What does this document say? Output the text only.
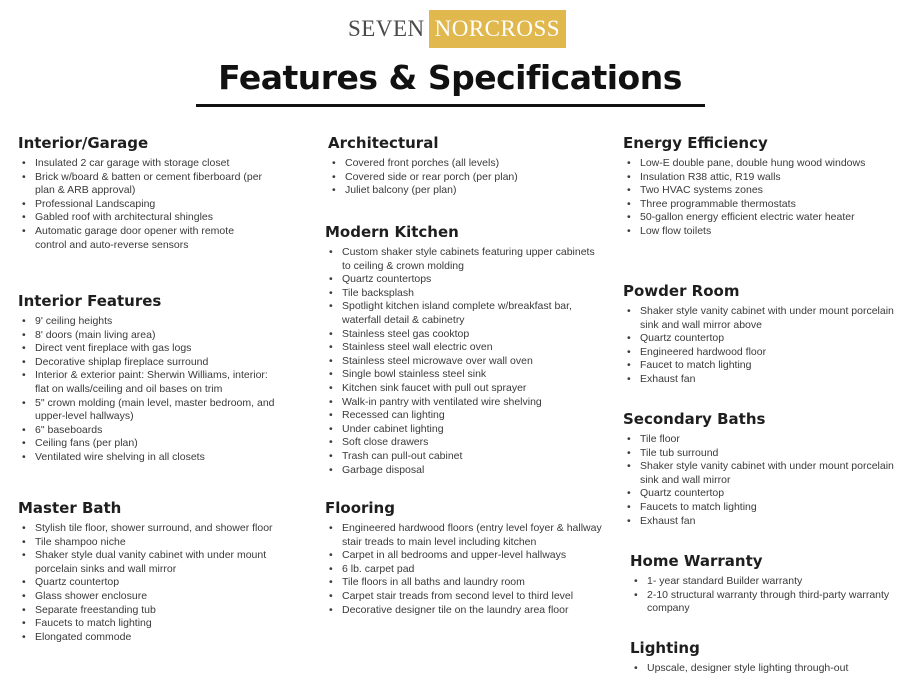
SEVEN NORCROSS
Features & Specifications
Interior/Garage
• Insulated 2 car garage with storage closet
• Brick w/board & batten or cement fiberboard (per plan & ARB approval)
• Professional Landscaping
• Gabled roof with architectural shingles
• Automatic garage door opener with remote control and auto-reverse sensors
Interior Features
• 9' ceiling heights
• 8' doors (main living area)
• Direct vent fireplace with gas logs
• Decorative shiplap fireplace surround
• Interior & exterior paint: Sherwin Williams, interior: flat on walls/ceiling and oil bases on trim
• 5" crown molding (main level, master bedroom, and upper-level hallways)
• 6" baseboards
• Ceiling fans (per plan)
• Ventilated wire shelving in all closets
Master Bath
• Stylish tile floor, shower surround, and shower floor
• Tile shampoo niche
• Shaker style dual vanity cabinet with under mount porcelain sinks and wall mirror
• Quartz countertop
• Glass shower enclosure
• Separate freestanding tub
• Faucets to match lighting
• Elongated commode
Architectural
• Covered front porches (all levels)
• Covered side or rear porch (per plan)
• Juliet balcony (per plan)
Modern Kitchen
• Custom shaker style cabinets featuring upper cabinets to ceiling & crown molding
• Quartz countertops
• Tile backsplash
• Spotlight kitchen island complete w/breakfast bar, waterfall detail & cabinetry
• Stainless steel gas cooktop
• Stainless steel wall electric oven
• Stainless steel microwave over wall oven
• Single bowl stainless steel sink
• Kitchen sink faucet with pull out sprayer
• Walk-in pantry with ventilated wire shelving
• Recessed can lighting
• Under cabinet lighting
• Soft close drawers
• Trash can pull-out cabinet
• Garbage disposal
Flooring
• Engineered hardwood floors (entry level foyer & hallway stair treads to main level including kitchen
• Carpet in all bedrooms and upper-level hallways
• 6 lb. carpet pad
• Tile floors in all baths and laundry room
• Carpet stair treads from second level to third level
• Decorative designer tile on the laundry area floor
Energy Efficiency
• Low-E double pane, double hung wood windows
• Insulation R38 attic, R19 walls
• Two HVAC systems zones
• Three programmable thermostats
• 50-gallon energy efficient electric water heater
• Low flow toilets
Powder Room
• Shaker style vanity cabinet with under mount porcelain sink and wall mirror above
• Quartz countertop
• Engineered hardwood floor
• Faucet to match lighting
• Exhaust fan
Secondary Baths
• Tile floor
• Tile tub surround
• Shaker style vanity cabinet with under mount porcelain sink and wall mirror
• Quartz countertop
• Faucets to match lighting
• Exhaust fan
Home Warranty
• 1- year standard Builder warranty
• 2-10 structural warranty through third-party warranty company
Lighting
• Upscale, designer style lighting through-out
